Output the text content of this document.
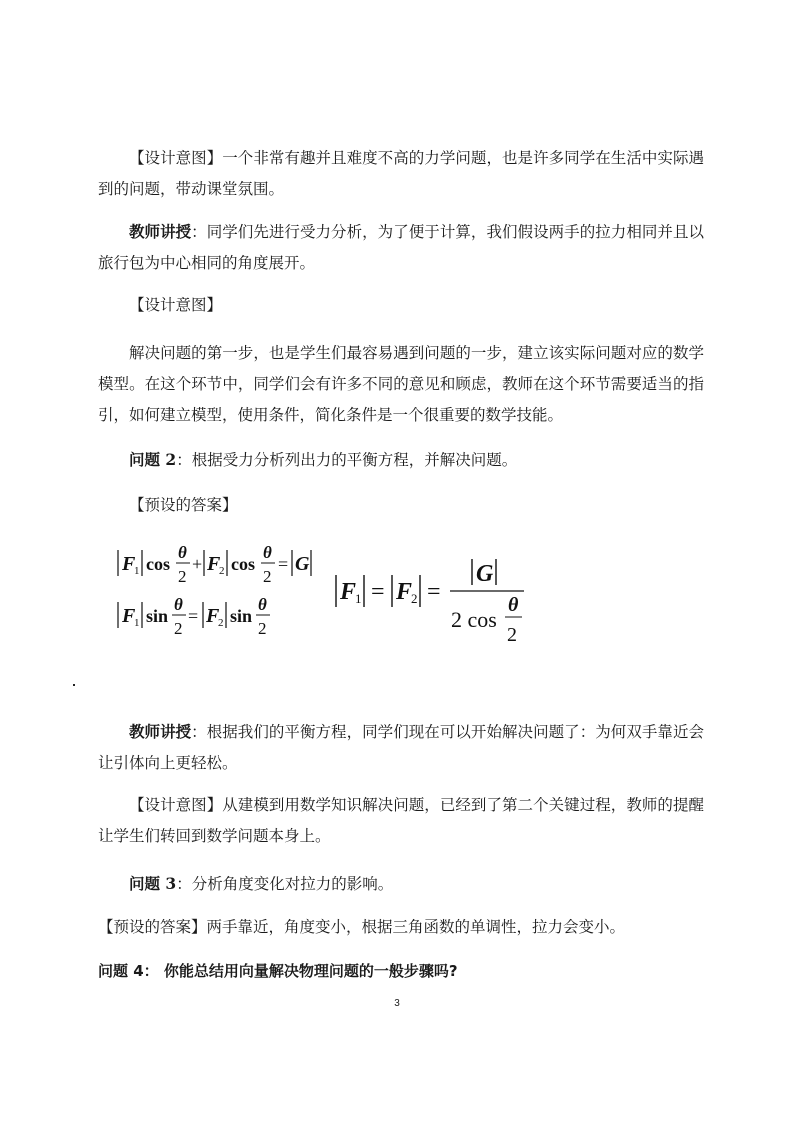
【设计意图】一个非常有趣并且难度不高的力学问题，也是许多同学在生活中实际遇到的问题，带动课堂氛围。

教师讲授：同学们先进行受力分析，为了便于计算，我们假设两手的拉力相同并且以旅行包为中心相同的角度展开。

【设计意图】

解决问题的第一步，也是学生们最容易遇到问题的一步，建立该实际问题对应的数学模型。在这个环节中，同学们会有许多不同的意见和顾虑，教师在这个环节需要适当的指引，如何建立模型，使用条件，简化条件是一个很重要的数学技能。

问题 2：根据受力分析列出力的平衡方程，并解决问题。

【预设的答案】

F
1 cos
θ
2
+ F
2 cos
θ
2
= G
F
1 sin
θ
2
= F
2 sin
θ
2
F
1 = F
2 =
G
2 cos
θ
2

教师讲授：根据我们的平衡方程，同学们现在可以开始解决问题了：为何双手靠近会让引体向上更轻松。

【设计意图】从建模到用数学知识解决问题，已经到了第二个关键过程，教师的提醒让学生们转回到数学问题本身上。

问题 3：分析角度变化对拉力的影响。

【预设的答案】两手靠近，角度变小，根据三角函数的单调性，拉力会变小。

问题 4： 你能总结用向量解决物理问题的一般步骤吗?

3
